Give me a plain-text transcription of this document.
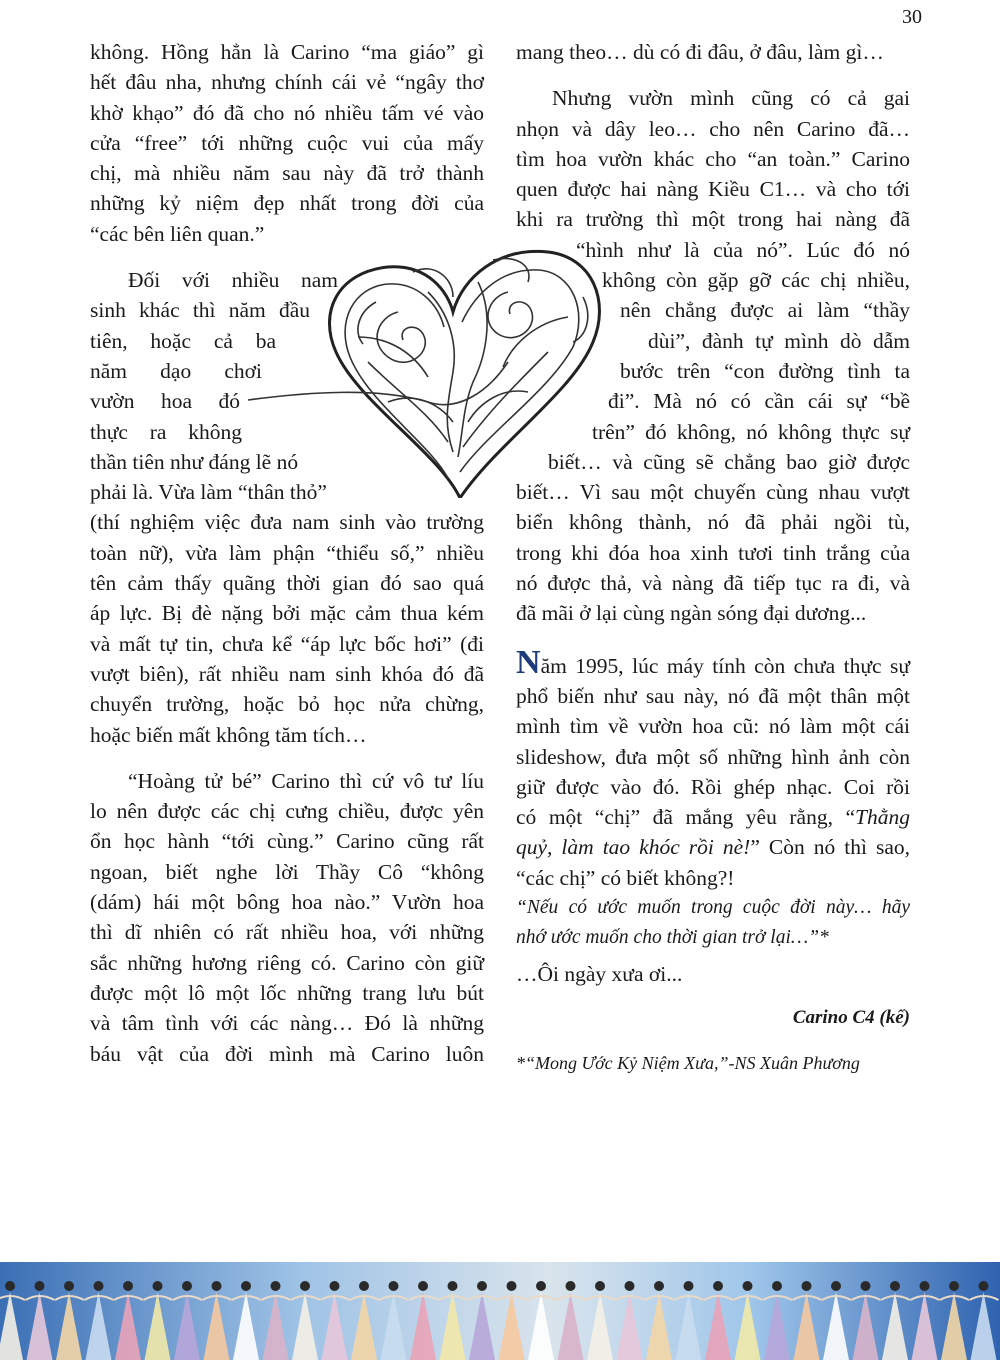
30

không. Hồng hẳn là Carino “ma giáo” gì
hết đâu nha, nhưng chính cái vẻ “ngây thơ
khờ khạo” đó đã cho nó nhiều tấm vé vào
cửa “free” tới những cuộc vui của mấy
chị, mà nhiều năm sau này đã trở thành
những kỷ niệm đẹp nhất trong đời của
“các bên liên quan.”

Đối với nhiều nam
sinh khác thì năm đầu
tiên, hoặc cả ba
năm dạo chơi
vườn hoa đó
thực ra không
thần tiên như đáng lẽ nó
phải là. Vừa làm “thân thỏ”
(thí nghiệm việc đưa nam sinh vào trường
toàn nữ), vừa làm phận “thiểu số,” nhiều
tên cảm thấy quãng thời gian đó sao quá
áp lực. Bị đè nặng bởi mặc cảm thua kém
và mất tự tin, chưa kể “áp lực bốc hơi” (đi
vượt biên), rất nhiều nam sinh khóa đó đã
chuyển trường, hoặc bỏ học nửa chừng,
hoặc biến mất không tăm tích…

“Hoàng tử bé” Carino thì cứ vô tư líu
lo nên được các chị cưng chiều, được yên
ổn học hành “tới cùng.” Carino cũng rất
ngoan, biết nghe lời Thầy Cô “không
(dám) hái một bông hoa nào.” Vườn hoa
thì dĩ nhiên có rất nhiều hoa, với những
sắc những hương riêng có. Carino còn giữ
được một lô một lốc những trang lưu bút
và tâm tình với các nàng… Đó là những
báu vật của đời mình mà Carino luôn

mang theo… dù có đi đâu, ở đâu, làm gì…

Nhưng vườn mình cũng có cả gai
nhọn và dây leo… cho nên Carino đã…
tìm hoa vườn khác cho “an toàn.” Carino
quen được hai nàng Kiều C1… và cho tới
khi ra trường thì một trong hai nàng đã
“hình như là của nó”. Lúc đó nó
không còn gặp gỡ các chị nhiều,
nên chẳng được ai làm “thầy
dùi”, đành tự mình dò dẫm
bước trên “con đường tình ta
đi”. Mà nó có cần cái sự “bề
trên” đó không, nó không thực sự
biết… và cũng sẽ chẳng bao giờ được
biết… Vì sau một chuyến cùng nhau vượt
biển không thành, nó đã phải ngồi tù,
trong khi đóa hoa xinh tươi tinh trắng của
nó được thả, và nàng đã tiếp tục ra đi, và
đã mãi ở lại cùng ngàn sóng đại dương...

Năm 1995, lúc máy tính còn chưa thực sự
phổ biến như sau này, nó đã một thân một
mình tìm về vườn hoa cũ: nó làm một cái
slideshow, đưa một số những hình ảnh còn
giữ được vào đó. Rồi ghép nhạc. Coi rồi
có một “chị” đã mắng yêu rằng, “Thằng
quỷ, làm tao khóc rồi nè!” Còn nó thì sao,
“các chị” có biết không?!

“Nếu có ước muốn trong cuộc đời này… hãy
nhớ ước muốn cho thời gian trở lại…”*

…Ôi ngày xưa ơi...

Carino C4 (kể)

*“Mong Ước Kỷ Niệm Xưa,”-NS Xuân Phương
